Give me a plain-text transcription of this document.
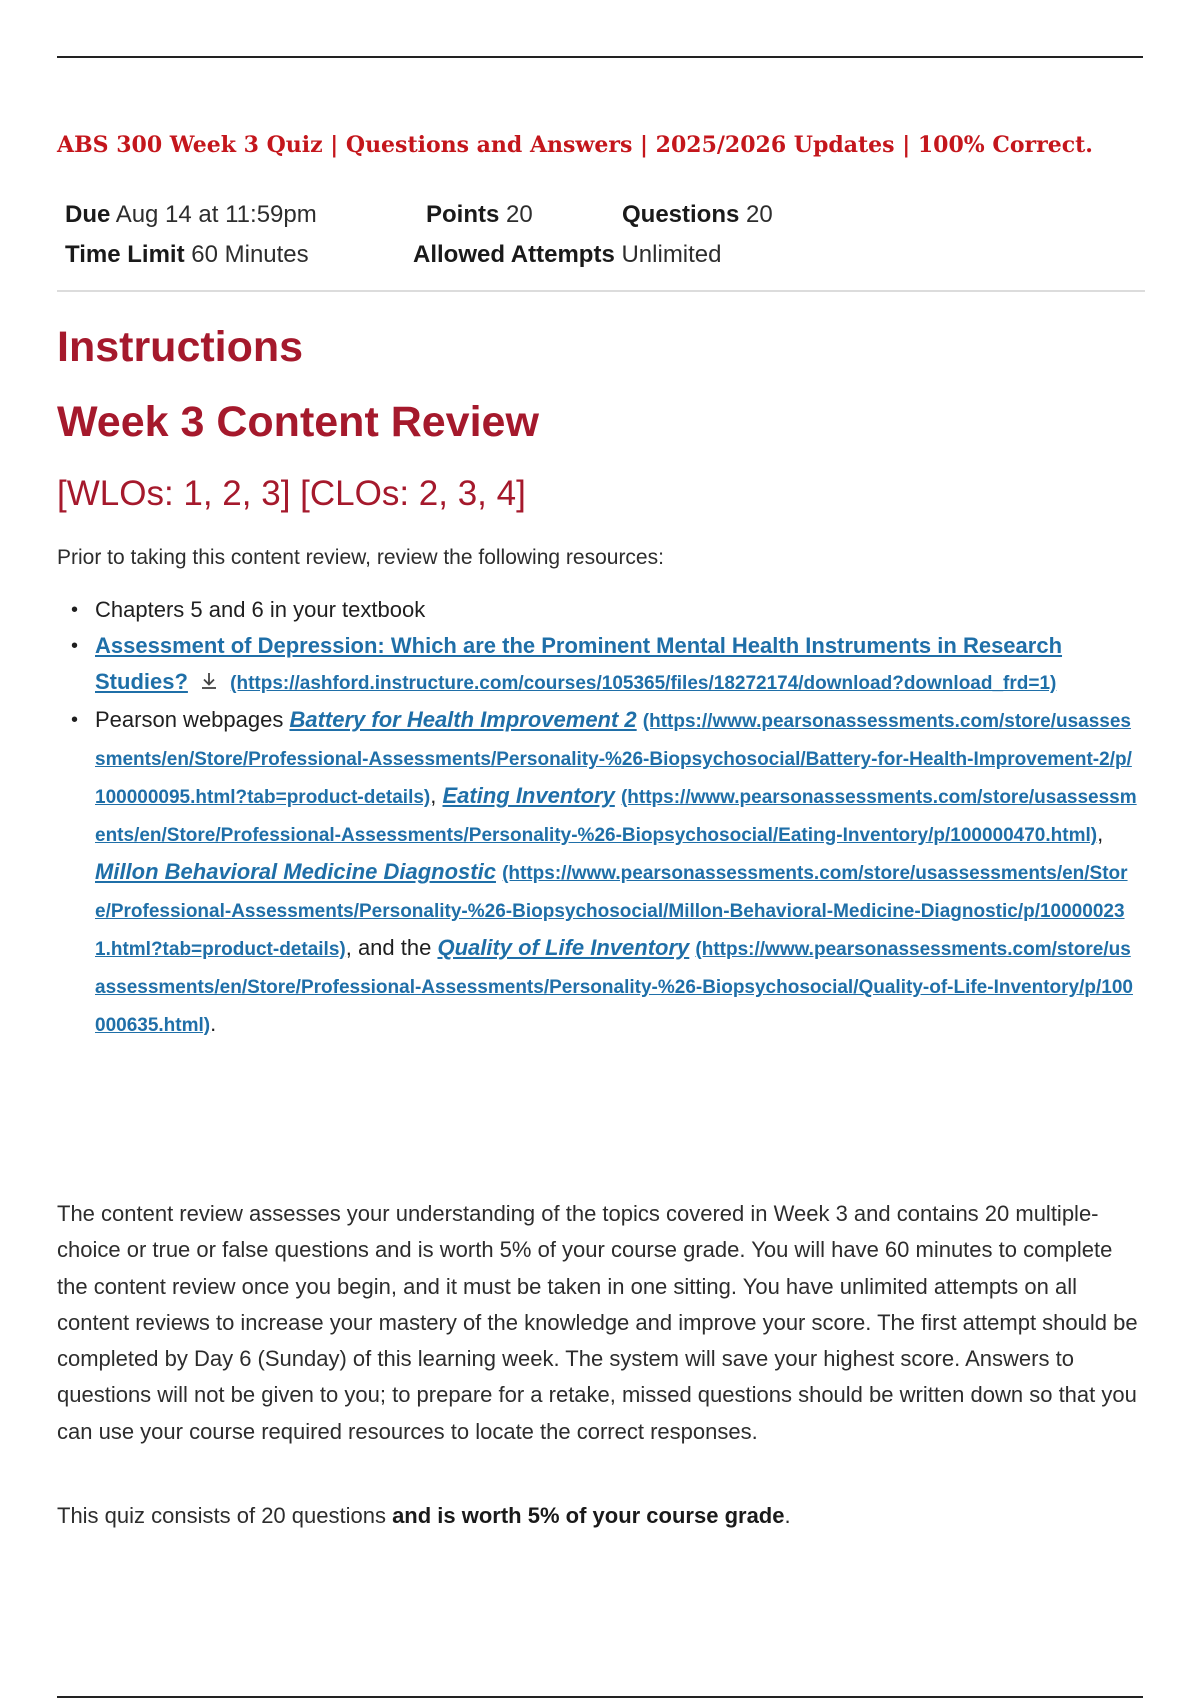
ABS 300 Week 3 Quiz | Questions and Answers | 2025/2026 Updates | 100% Correct.
Due Aug 14 at 11:59pm	Points 20	Questions 20
Time Limit 60 Minutes	Allowed Attempts Unlimited
Instructions
Week 3 Content Review
[WLOs: 1, 2, 3] [CLOs: 2, 3, 4]

Prior to taking this content review, review the following resources:

• Chapters 5 and 6 in your textbook
• Assessment of Depression: Which are the Prominent Mental Health Instruments in Research Studies? (https://ashford.instructure.com/courses/105365/files/18272174/download?download_frd=1)
• Pearson webpages Battery for Health Improvement 2 (https://www.pearsonassessments.com/store/usassessments/en/Store/Professional-Assessments/Personality-%26-Biopsychosocial/Battery-for-Health-Improvement-2/p/100000095.html?tab=product-details), Eating Inventory (https://www.pearsonassessments.com/store/usassessments/en/Store/Professional-Assessments/Personality-%26-Biopsychosocial/Eating-Inventory/p/100000470.html), Millon Behavioral Medicine Diagnostic (https://www.pearsonassessments.com/store/usassessments/en/Store/Professional-Assessments/Personality-%26-Biopsychosocial/Millon-Behavioral-Medicine-Diagnostic/p/100000231.html?tab=product-details), and the Quality of Life Inventory (https://www.pearsonassessments.com/store/usassessments/en/Store/Professional-Assessments/Personality-%26-Biopsychosocial/Quality-of-Life-Inventory/p/100000635.html).

The content review assesses your understanding of the topics covered in Week 3 and contains 20 multiple-choice or true or false questions and is worth 5% of your course grade. You will have 60 minutes to complete the content review once you begin, and it must be taken in one sitting. You have unlimited attempts on all content reviews to increase your mastery of the knowledge and improve your score. The first attempt should be completed by Day 6 (Sunday) of this learning week. The system will save your highest score. Answers to questions will not be given to you; to prepare for a retake, missed questions should be written down so that you can use your course required resources to locate the correct responses.

This quiz consists of 20 questions and is worth 5% of your course grade.
